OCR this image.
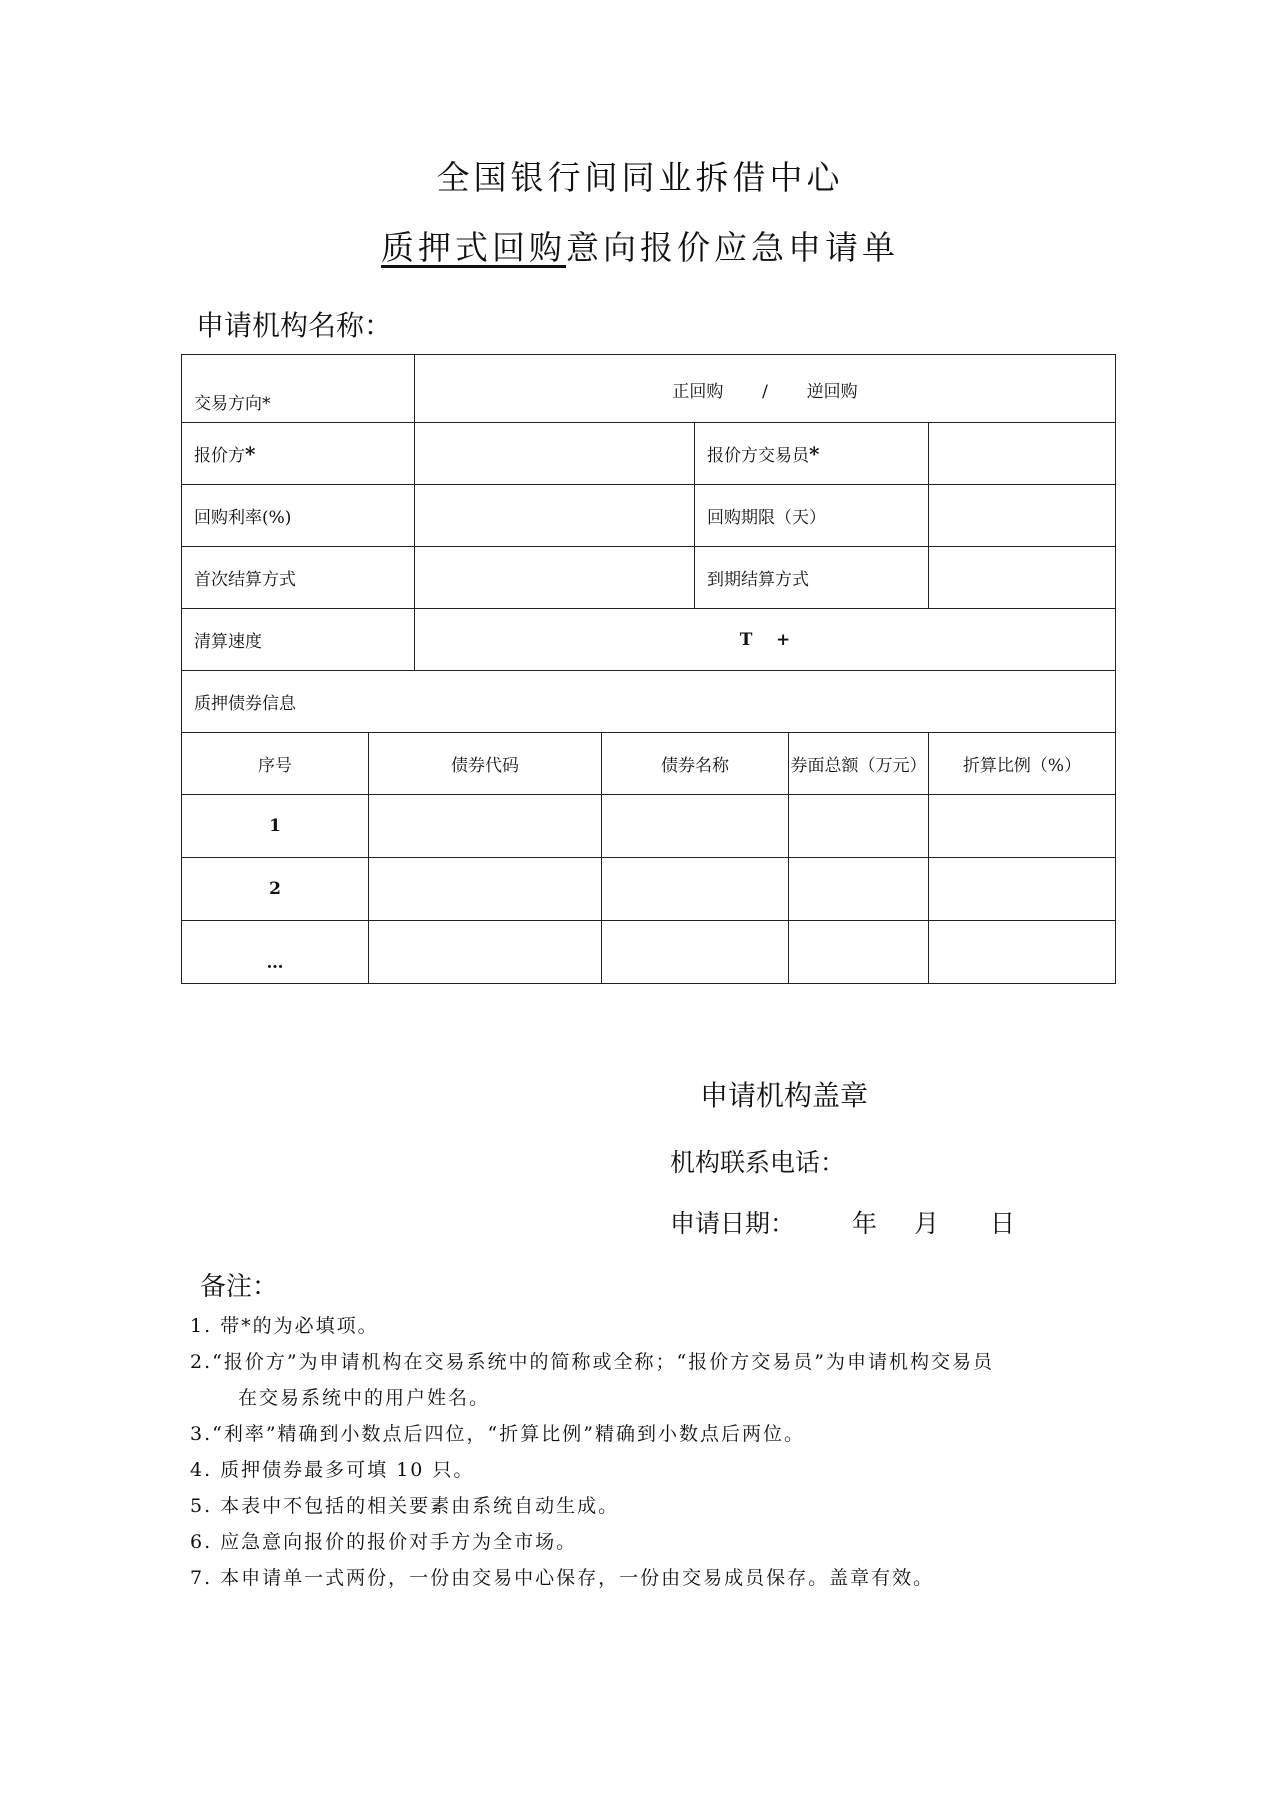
全国银行间同业拆借中心
质押式回购意向报价应急申请单
申请机构名称：
交易方向*		正回购 / 逆回购				
报价方*				报价方交易员*		
回购利率(%)				回购期限（天）		
首次结算方式				到期结算方式		
清算速度		T    +				
质押债券信息						
序号	债券代码		债券名称		券面总额（万元）	折算比例（%）
1						
2						
…						
申请机构盖章
机构联系电话：
申请日期： 年 月 日
备注：
1. 带*的为必填项。
2.“报价方”为申请机构在交易系统中的简称或全称；“报价方交易员”为申请机构交易员
在交易系统中的用户姓名。
3.“利率”精确到小数点后四位，“折算比例”精确到小数点后两位。
4. 质押债券最多可填 10 只。
5. 本表中不包括的相关要素由系统自动生成。
6. 应急意向报价的报价对手方为全市场。
7. 本申请单一式两份，一份由交易中心保存，一份由交易成员保存。盖章有效。
